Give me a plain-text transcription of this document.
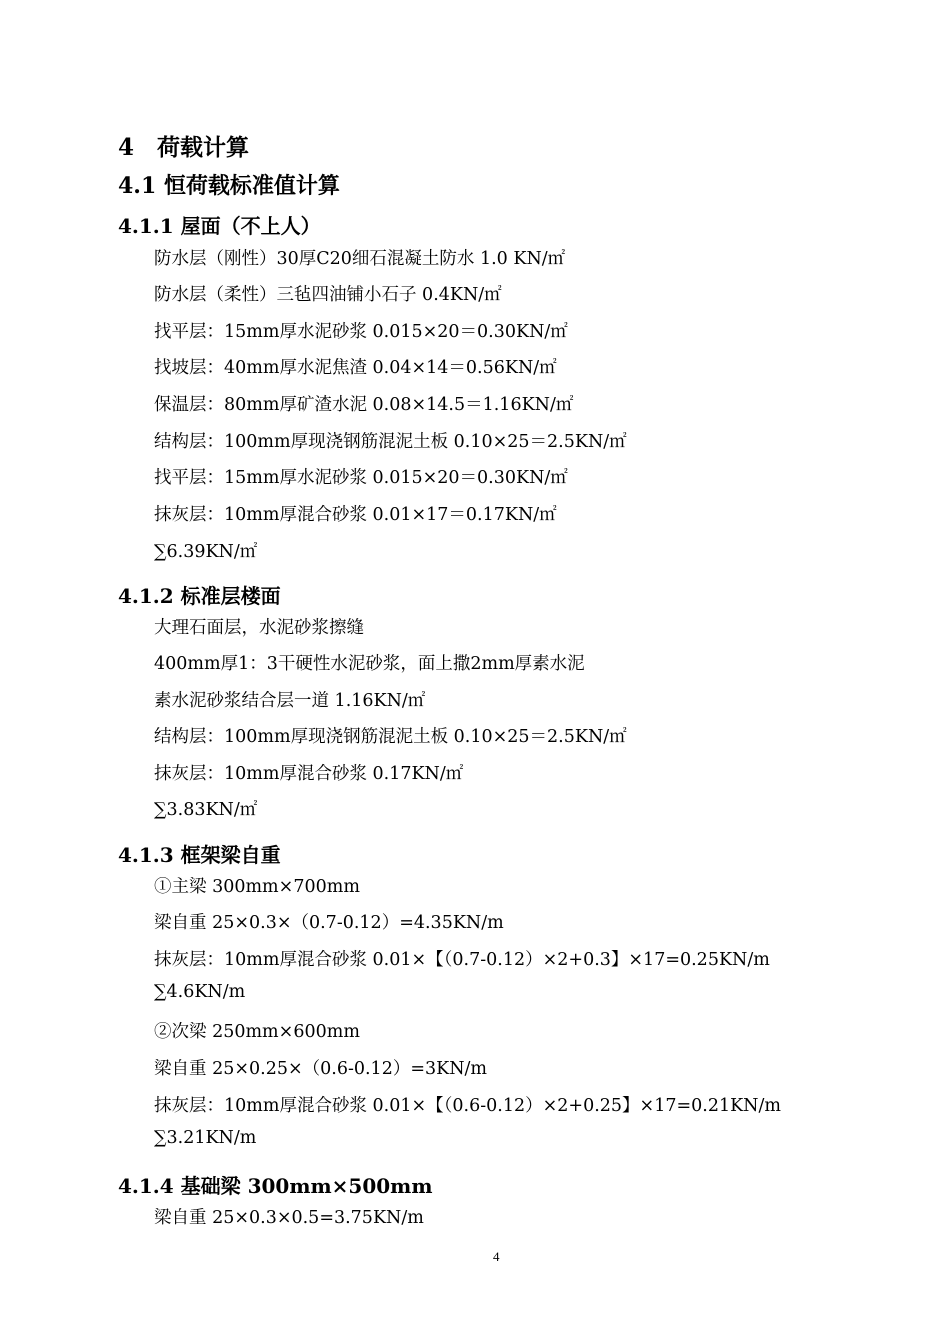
4　荷载计算
4.1 恒荷载标准值计算
4.1.1 屋面（不上人）
防水层（刚性）30厚C20细石混凝土防水 1.0 KN/㎡
防水层（柔性）三毡四油铺小石子 0.4KN/㎡
找平层：15mm厚水泥砂浆 0.015×20＝0.30KN/㎡
找坡层：40mm厚水泥焦渣 0.04×14＝0.56KN/㎡
保温层：80mm厚矿渣水泥 0.08×14.5＝1.16KN/㎡
结构层：100mm厚现浇钢筋混泥土板 0.10×25＝2.5KN/㎡
找平层：15mm厚水泥砂浆 0.015×20＝0.30KN/㎡
抹灰层：10mm厚混合砂浆 0.01×17＝0.17KN/㎡
∑6.39KN/㎡
4.1.2 标准层楼面
大理石面层，水泥砂浆擦缝
400mm厚1：3干硬性水泥砂浆，面上撒2mm厚素水泥
素水泥砂浆结合层一道 1.16KN/㎡
结构层：100mm厚现浇钢筋混泥土板 0.10×25＝2.5KN/㎡
抹灰层：10mm厚混合砂浆 0.17KN/㎡
∑3.83KN/㎡
4.1.3 框架梁自重
①主梁 300mm×700mm
梁自重 25×0.3×（0.7-0.12）=4.35KN/m
抹灰层：10mm厚混合砂浆 0.01×【（0.7-0.12）×2+0.3】×17=0.25KN/m
∑4.6KN/m
②次梁 250mm×600mm
梁自重 25×0.25×（0.6-0.12）=3KN/m
抹灰层：10mm厚混合砂浆 0.01×【（0.6-0.12）×2+0.25】×17=0.21KN/m
∑3.21KN/m
4.1.4 基础梁 300mm×500mm
梁自重 25×0.3×0.5=3.75KN/m
4
